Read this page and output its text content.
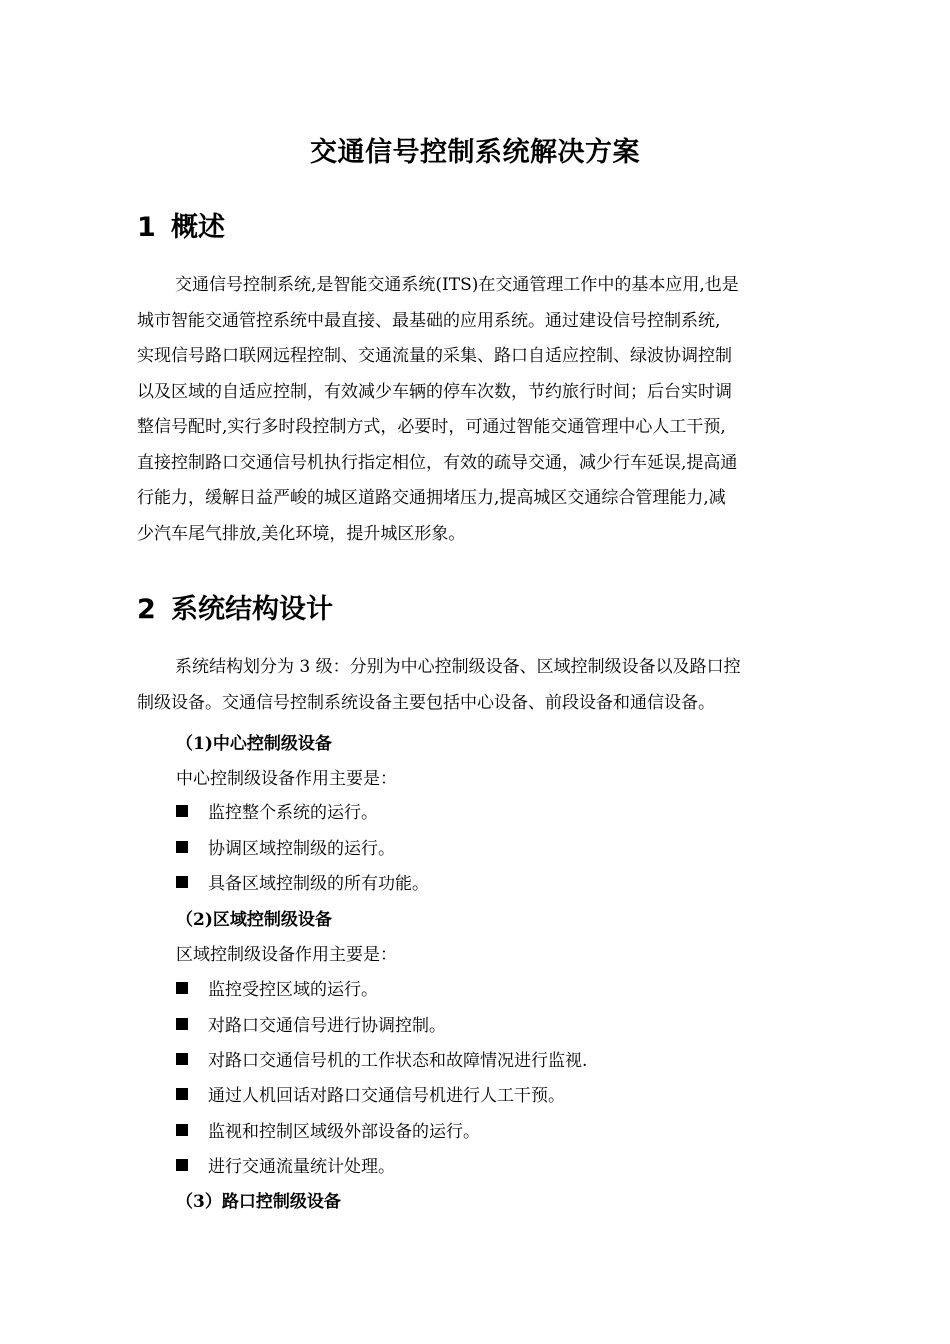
交通信号控制系统解决方案
1 概述
交通信号控制系统,是智能交通系统(ITS)在交通管理工作中的基本应用,也是
城市智能交通管控系统中最直接、最基础的应用系统。通过建设信号控制系统,
实现信号路口联网远程控制、交通流量的采集、路口自适应控制、绿波协调控制
以及区域的自适应控制，有效减少车辆的停车次数，节约旅行时间；后台实时调
整信号配时,实行多时段控制方式，必要时，可通过智能交通管理中心人工干预,
直接控制路口交通信号机执行指定相位，有效的疏导交通，减少行车延误,提高通
行能力，缓解日益严峻的城区道路交通拥堵压力,提高城区交通综合管理能力,减
少汽车尾气排放,美化环境，提升城区形象。
2 系统结构设计
系统结构划分为 3 级：分别为中心控制级设备、区域控制级设备以及路口控
制级设备。交通信号控制系统设备主要包括中心设备、前段设备和通信设备。
（1)中心控制级设备
中心控制级设备作用主要是：
监控整个系统的运行。
协调区域控制级的运行。
具备区域控制级的所有功能。
（2)区域控制级设备
区域控制级设备作用主要是：
监控受控区域的运行。
对路口交通信号进行协调控制。
对路口交通信号机的工作状态和故障情况进行监视.
通过人机回话对路口交通信号机进行人工干预。
监视和控制区域级外部设备的运行。
进行交通流量统计处理。
（3）路口控制级设备
